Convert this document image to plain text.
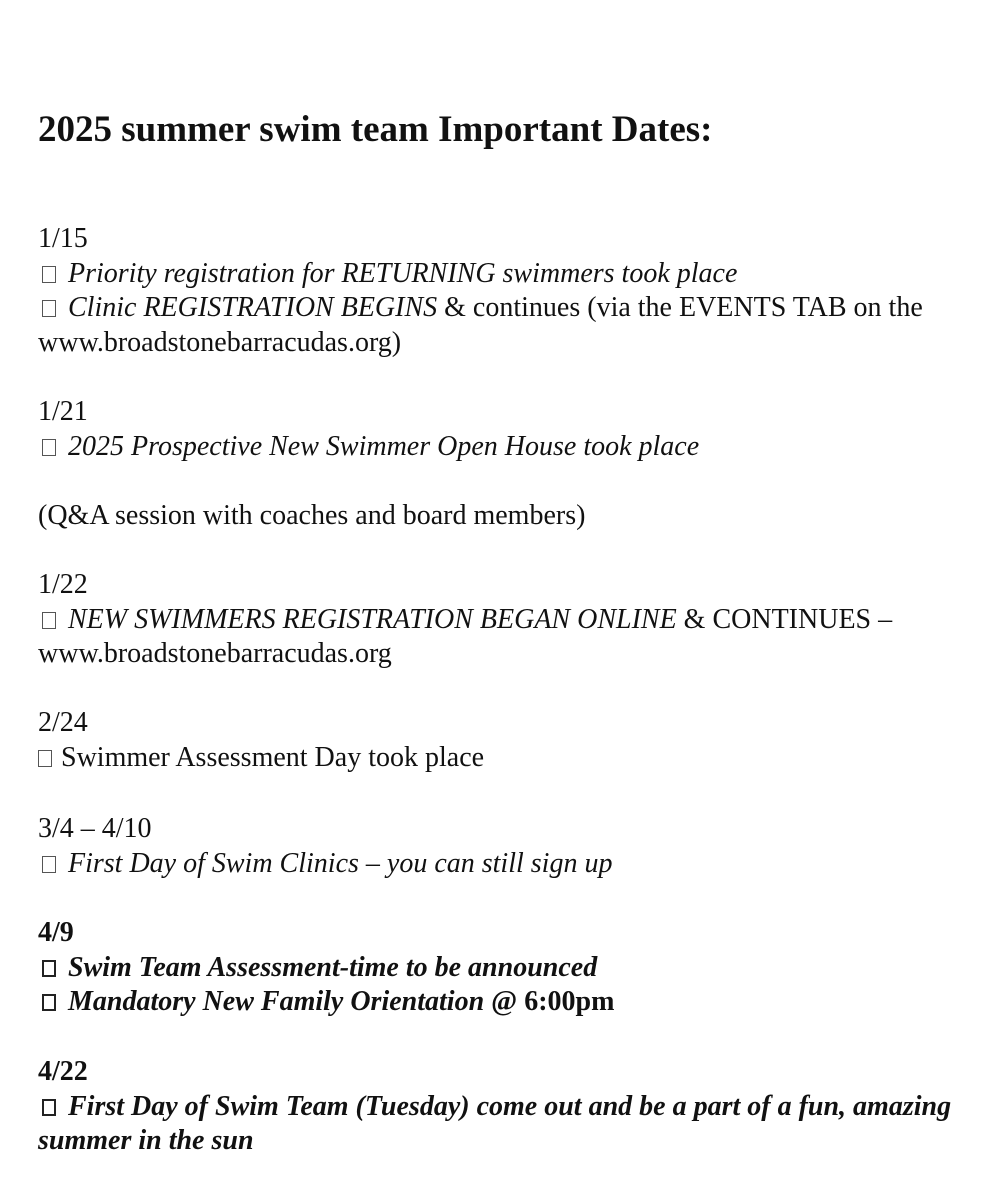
2025 summer swim team Important Dates:
1/15
Priority registration for RETURNING swimmers took place
Clinic REGISTRATION BEGINS & continues (via the EVENTS TAB on the www.broadstonebarracudas.org)
1/21
2025 Prospective New Swimmer Open House took place
(Q&A session with coaches and board members)
1/22
NEW SWIMMERS REGISTRATION BEGAN ONLINE & CONTINUES –www.broadstonebarracudas.org
2/24
Swimmer Assessment Day took place
3/4 – 4/10
First Day of Swim Clinics – you can still sign up
4/9
Swim Team Assessment-time to be announced
Mandatory New Family Orientation @ 6:00pm
4/22
First Day of Swim Team (Tuesday) come out and be a part of a fun, amazing summer in the sun
